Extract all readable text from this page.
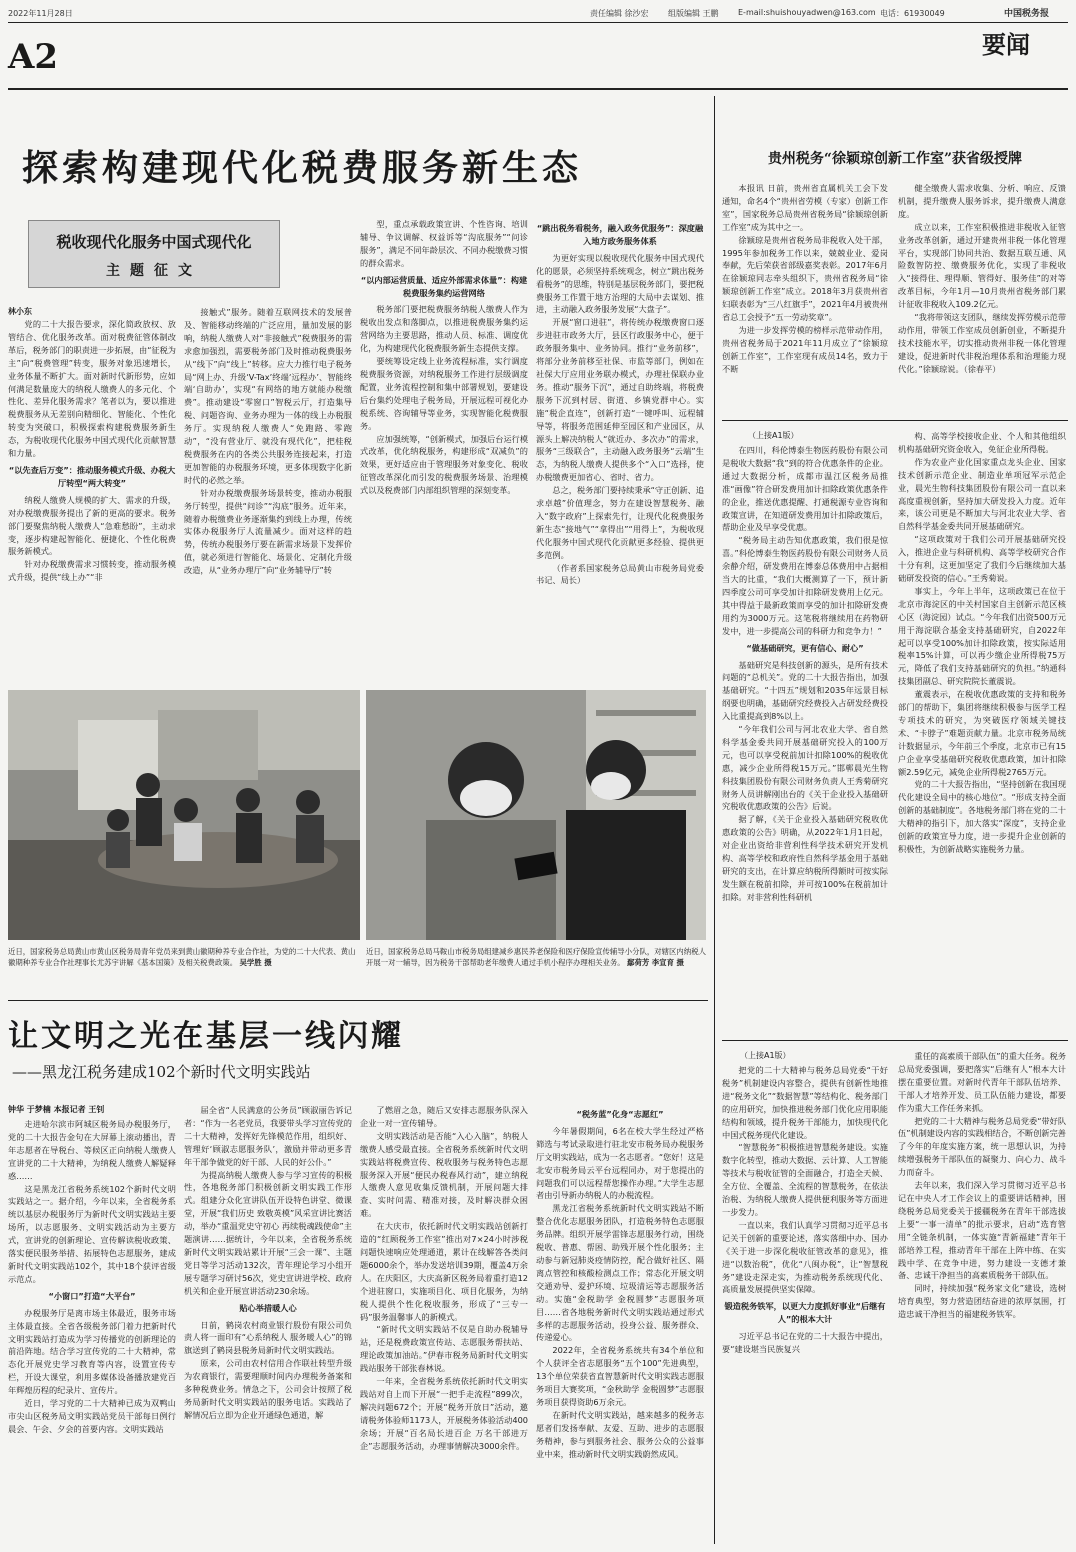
2022年11月28日	责任编辑 徐沙宏 组版编辑 王鹏 E-mail:shuishouyadwen@163.com 电话：61930049	中国税务报
A2	要闻
探索构建现代化税费服务新生态
税收现代化服务中国式现代化
主题征文
林小东

党的二十大报告要求，深化简政放权、放管结合、优化服务改革。面对税费征管体制改革后，税务部门的职责进一步拓展，由“征税为主”向“税费管理”转变，服务对象迅速增长，业务体量不断扩大。面对新时代新形势，应如何满足数量庞大的纳税人缴费人的多元化、个性化、差异化服务需求？笔者以为，要以推进税费服务从无差别向精细化、智能化、个性化转变为突破口，积极探索构建税费服务新生态，为税收现代化服务中国式现代化贡献智慧和力量。

“以先查后万变”：推动服务模式升级、办税大厅转型“两大转变”

纳税人缴费人规模的扩大、需求的升级，对办税缴费服务提出了新的更高的要求。税务部门要聚焦纳税人缴费人“急难愁盼”，主动求变，逐步构建起智能化、便捷化、个性化税费服务新模式。

针对办税缴费需求习惯转变，推动服务模式升级，提供“线上办”“非

接触式”服务。随着互联网技术的发展普及、智能移动终端的广泛应用，量加发展的影响，纳税人缴费人对“非接触式”税费服务的需求愈加强烈，需要税务部门及时推动税费服务从“线下”向“线上”转移。应大力推行电子税务局“网上办、升级‘V-Tax’终端‘远程办’、智能终端‘自助办’，实现“有网络的地方就能办税缴费”。推动建设“零窗口”智税云厅，打造集导税、问题咨询、业务办理为一体的线上办税服务厅。实现纳税人缴费人“免跑路、零跑动”，“没有营业厅、就没有现代化”，把桂税税费服务在内的各类公共服务连接起来，打造更加智能的办税服务环境，更多体现数字化新时代的必然之举。

针对办税缴费服务场景转变，推动办税服务厅转型，提供“问诊”“沟底”服务。近年来，随着办税缴费业务逐渐集约到线上办理，传统实体办税服务厅人流量减少。面对这样的趋势，传统办税服务厅要在新需求场景下发挥价值，就必须进行智能化、场景化、定制化升级改造，从“业务办理厅”向“业务辅导厅”转

型，重点承载政策宣讲、个性咨询、培训辅导、争议调解、权益诉等“沟底服务”“问诊服务”，满足不同年龄层次、不同办税缴费习惯的群众需求。

“以内部运营质量、适应外部需求体量”：构建税费服务集约运营网络

税务部门要把税费服务纳税人缴费人作为税收出发点和落脚点，以推进税费服务集约运营网络为主要思路，推动人员、标准、调度优化，为构建现代化税费服务新生态提供支撑。

要统筹设定线上业务流程标准，实行调度税费服务资源，对纳税服务工作进行层级调度配置，业务流程控制和集中部署规划，要建设后台集约处理电子税务局，开展远程可视化办税系统、咨询辅导等业务，实现智能化税费服务。

应加强统筹，“创新模式，加强后台运行模式改革，优化纳税服务，构建形成“双减负”的效果，更好适应由于管理服务对象变化、税收征管改革深化而引发的税费服务场景、治理模式以及税费部门内部组织管理的深刻变革。

“跳出税务看税务，融入政务优服务”：深度融入地方政务服务体系

为更好实现以税收现代化服务中国式现代化的愿景，必须坚持系统观念，树立“跳出税务看税务”的思维，特别是基层税务部门，要把税费服务工作置于地方治理的大局中去谋划、推进，主动融入政务服务发展“大盘子”。

开展“窗口进驻”，将传统办税缴费窗口逐步进驻市政务大厅，县区行政服务中心，便于政务服务集中、业务协同。推行“业务前移”，将部分业务前移至社保、市监等部门，例如在社保大厅应用业务联办模式，办理社保联办业务。推动“服务下沉”，通过自助终端，将税费服务下沉到村居、街道、乡镇党群中心。实施“税企直连”，创新打造“一键呼叫、远程辅导等，将服务范围延伸至园区和产业园区，从源头上解决纳税人“就近办、多次办”的需求，服务“三级联合”，主动融入政务服务“云端”生态，为纳税人缴费人提供多个“入口”选择，使办税缴费更加省心、省时、省力。

总之，税务部门要持续秉承“守正创新、追求卓越”价值理念，努力在建设智慧税务、融入“数字政府”上探索先行，让现代化税费服务新生态“接地气”“拿得出”“用得上”，为税收现代化服务中国式现代化贡献更多经验、提供更多范例。

（作者系国家税务总局黄山市税务局党委书记、局长）

近日，国家税务总局黄山市黄山区税务局青年党员来到黄山徽期种养专业合作社，为党的二十大代表、黄山徽期种养专业合作社理事长尤苏宇讲解《基本国策》及相关税费政策。 吴学胜 摄
近日，国家税务总局马鞍山市税务局组建减乡惠民养老保险和医疗保险宣传辅导小分队，对辖区内纳税人开展一对一辅导，因为税务干部帮助老年缴费人通过手机小程序办理相关业务。 鄢荷芳 李宣育 摄
让文明之光在基层一线闪耀
——黑龙江税务建成102个新时代文明实践站
钟华 于梦楠 本报记者 王钊

走进哈尔滨市阿城区税务局办税服务厅，党的二十大报告金句在大屏幕上滚动播出，青年志愿者在导税台、等候区正向纳税人缴费人宣讲党的二十大精神，为纳税人缴费人解疑释惑……

这是黑龙江省税务系统102个新时代文明实践站之一。据介绍，今年以来，全省税务系统以基层办税服务厅为新时代文明实践站主要场所，以志愿服务、文明实践活动为主要方式，宣讲党的创新理论、宣传解读税收政策、落实便民服务举措、拓展特色志愿服务，建成新时代文明实践站102个，其中18个获评省级示范点。

“小窗口”打造“大平台”

办税服务厅是离市场主体最近，服务市场主体最直接。全省各级税务部门着力把新时代文明实践站打造成为学习传播党的创新理论的前沿阵地。结合学习宣传党的二十大精神，常态化开展党史学习教育等内容，设置宣传专栏，开设大课堂，利用多媒体设备播放建党百年辉煌历程的纪录片、宣传片。

近日，学习党的二十大精神已成为双鸭山市尖山区税务局文明实践站党员干部每日例行晨会、午会、夕会的首要内容。文明实践站

届全省“人民满意的公务员”顾淑丽告诉记者：“作为一名老党员，我要带头学习宣传党的二十大精神，发挥好先锋模范作用，组织好、管理好‘顾淑志愿服务队’，激励并带动更多青年干部争做党的好干部、人民的好公仆。”

为提高纳税人缴费人参与学习宣传的积极性，各地税务部门积极创新文明实践工作形式。组建分众化宣讲队伍开设特色讲堂、微课堂，开展“我们历史 致敬英模”风采宣讲比赛活动，举办“重温党史守初心 再续税魂践使命”主题演讲……据统计，今年以来，全省税务系统新时代文明实践站累计开展“三会一课”、主题党日等学习活动132次，青年理论学习小组开展专题学习研讨56次，党史宣讲进学校、政府机关和企业开展宣讲活动230余场。

贴心举措暖人心

日前，鹤岗农村商业银行股份有限公司负责人将一面印有“心系纳税人 服务暖人心”的锦旗送到了鹤岗县税务局新时代文明实践站。

原来，公司由农村信用合作联社转型升级为农商银行，需要理顺时间内办理税务备案和多种税费业务。情急之下，公司会计按照了税务局新时代文明实践站的服务电话。实践站了解情况后立即为企业开通绿色通道，解

了燃眉之急，随后又安排志愿服务队深入企业一对一宣传辅导。

文明实践活动是否能“入心入脑”，纳税人缴费人感受最直接。全省税务系统新时代文明实践站将税费宣传、税收服务与税务特色志愿服务深入开展“便民办税春风行动”，建立纳税人缴费人意见收集反馈机制，开展问题大排查、实时问需、精准对接，及时解决群众困难。

在大庆市，依托新时代文明实践站创新打造的“红顾税务工作室”推出对7×24小时涉税问题快速响应处理通道，累计在线解答各类问题6000余个，举办发送培训39期，覆盖4万余人。在庆阳区，大庆高新区税务局着重打造12个进驻窗口，实施项目化、项目化服务，为纳税人提供个性化税收服务，形成了“三专一码”服务温馨事人的新模式。

“新时代文明实践站不仅是自助办税辅导站，还是税费政策宣传站、志愿服务帮扶站、理论政策加油站。”伊春市税务局新时代文明实践站服务干部张春林说。

一年来，全省税务系统依托新时代文明实践站对自上而下开展“一把手走流程”899次，解决问题672个；开展“税务开放日”活动，邀请税务体验师1173人，开展税务体验活动400余场；开展“百名局长进百企 万名干部进万企”志愿服务活动，办理事情解决3000余件。

“税务蓝”化身“志愿红”

今年暑假期间，6名在校大学生经过严格筛选与考试录取进行驻北安市税务局办税服务厅文明实践站，成为一名志愿者。“您好！这是北安市税务局云平台远程同办，对于您提出的问题我们可以远程帮您操作办理。”大学生志愿者由引导新办纳税人的办税流程。

黑龙江省税务系统新时代文明实践站不断整合优化志愿服务团队，打造税务特色志愿服务品牌。组织开展学雷锋志愿服务行动，围绕税收、普惠、帮困、助残开展个性化服务；主动参与新冠肺炎疫情防控，配合做好社区、隔离点管控和核酸检测点工作；常态化开展文明交通劝导、爱护环境、垃圾清运等志愿服务活动。实施“金税助学 金税圆梦”志愿服务项目……省各地税务新时代文明实践站通过形式多样的志愿服务活动，投身公益、服务群众、传递爱心。

2022年，全省税务系统共有34个单位和个人获评全省志愿服务“五个100”先进典型，13个单位荣获省直智慧新时代文明实践志愿服务项目大赛奖项，“金秋助学 金税圆梦”志愿服务项目获得资助6万余元。

在新时代文明实践站，越来越多的税务志愿者们发扬奉献、友爱、互助、进步的志愿服务精神，参与到服务社会、服务公众的公益事业中来，推动新时代文明实践蔚然成风。

贵州税务“徐颖琼创新工作室”获省级授牌

本报讯 日前，贵州省直属机关工会下发通知，命名4个“贵州省劳模（专家）创新工作室”，国家税务总局贵州省税务局“徐颖琼创新工作室”成为其中之一。

徐颖琼是贵州省税务局非税收入处干部，1995年参加税务工作以来，兢兢业业、爱岗奉献，先后荣获省部级嘉奖表彰。2017年6月在徐颖琼同志牵头组织下，贵州省税务局“徐颖琼创新工作室”成立。2018年3月获贵州省妇联表彰为“三八红旗手”，2021年4月被贵州省总工会授予“五一劳动奖章”。

为进一步发挥劳模的榜样示范带动作用，贵州省税务局于2021年11月成立了“徐颖琼创新工作室”，工作室现有成员14名，致力于不断

健全缴费人需求收集、分析、响应、反馈机制，提升缴费人服务诉求，提升缴费人满意度。

成立以来，工作室积极推进非税收入征管业务改革创新，通过开建贵州非税一体化管理平台，实现部门协同共治、数据互联互通、风险数智防控、缴费服务优化，实现了非税收入“接得住、理得顺、管得好、服务佳”的对等改革目标，今年1月—10月贵州省税务部门累计征收非税收入109.2亿元。

“我将带领这支团队，继续发挥劳模示范带动作用，带领工作室成员创新创业，不断提升技术技能水平，切实推动贵州非税一体化管理建设，促进新时代非税治理体系和治理能力现代化。”徐颖琼说。（徐春平）

（上接A1版）

在四川，科伦博泰生物医药股份有限公司是税收大数据“我”到的符合优惠条件的企业。通过大数据分析，成都市温江区税务局推准“画像”符合研发费用加计扣除政策优惠条件的企业，推送优惠提醒、打通税源专业咨询和政策宣讲，在知道研发费用加计扣除政策后，帮助企业及早享受优惠。

“税务局主动告知优惠政策，我们很是惊喜。”科伦博泰生物医药股份有限公司财务人员余静介绍，研发费用在博泰总体费用中占据相当大的比重，“我们大概测算了一下，预计新四季度公司可享受加计扣除研发费用上亿元。其中得益于最新政策而享受的加计扣除研发费用约为3000万元。这笔税将继续用在药物研发中，进一步提高公司的科研力和竞争力！”

“做基础研究，更有信心、耐心”

基础研究是科技创新的源头，是所有技术问题的“总机关”。党的二十大报告指出，加强基础研究。“十四五”规划和2035年远景目标纲要也明确，基础研究经费投入占研发经费投入比重提高到8%以上。

“今年我们公司与河北农业大学、省自然科学基金委共同开展基础研究投入的100万元，也可以享受税前加计扣除100%的税收优惠，减少企业所得税15万元。”邯郸晨光生物科技集团股份有限公司财务负责人王秀菊研究财务人员讲解刚出台的《关于企业投入基础研究税收优惠政策的公告》后说。

据了解，《关于企业投入基础研究税收优惠政策的公告》明确，从2022年1月1日起，对企业出资给非营利性科学技术研究开发机构、高等学校和政府性自然科学基金用于基础研究的支出，在计算应纳税所得额时可按实际发生额在税前扣除，并可按100%在税前加计扣除。对非营利性科研机

构、高等学校接收企业、个人和其他组织机构基础研究资金收入，免征企业所得税。

作为农业产业化国家重点龙头企业、国家技术创新示范企业、制造业单项冠军示范企业，晨光生物科技集团股份有限公司一直以来高度重视创新，坚持加大研发投入力度。近年来，该公司更是不断加大与河北农业大学、省自然科学基金委共同开展基础研究。

“这项政策对于我们公司开展基础研究投入，推进企业与科研机构、高等学校研究合作十分有利，这更加坚定了我们今后继续加大基础研发投资的信心。”王秀菊说。

事实上，今年上半年，这项政策已在位于北京市海淀区的中关村国家自主创新示范区核心区（海淀园）试点。“今年我们出资500万元用于海淀联合基金支持基础研究，自2022年起可以享受100%加计扣除政策，按实际适用税率15%计算，可以再少缴企业所得税75万元，降低了我们支持基础研究的负担。”纳通科技集团副总、研究院院长董震说。

董震表示，在税收优惠政策的支持和税务部门的帮助下，集团将继续积极参与医学工程专项技术的研究，为突破医疗领域关键技术、“卡脖子”难题贡献力量。北京市税务局统计数据显示，今年前三个季度，北京市已有15户企业享受基础研究税收优惠政策，加计扣除额2.59亿元，减免企业所得税2765万元。

党的二十大报告指出，“坚持创新在我国现代化建设全局中的核心地位”。“形成支持全面创新的基础制度”。各地税务部门将在党的二十大精神的指引下，加大落实“深度”，支持企业创新的政策宣导力度，进一步提升企业创新的积极性，为创新战略实施税务力量。

（上接A1版）

把党的二十大精神与税务总局党委“干好税务”机制建设内容整合，提供有创新性地推进“税务文化”“数据智慧”等结构化、税务部门的应用研究，加快推进税务部门优化应用职能结构和领域，提升税务干部能力，加快现代化中国式税务现代化建设。

“智慧税务”积极推进智慧税务建设。实施数字化转型，推动大数据、云计算、人工智能等技术与税收征管的全面融合，打造全天候、全方位、全覆盖、全流程的智慧税务，在依法治税、为纳税人缴费人提供便利服务等方面进一步发力。

一直以来，我们认真学习贯彻习近平总书记关于创新的重要论述，落实落细中办、国办《关于进一步深化税收征管改革的意见》，推进“以数治税”，优化“八闽办税”，让“智慧税务”建设走深走实，为推动税务系统现代化、高质量发展提供坚实保障。

锻造税务铁军，以更大力度抓好事业“后继有人”的根本大计

习近平总书记在党的二十大报告中提出，要“建设堪当民族复兴

重任的高素质干部队伍”的重大任务。税务总局党委强调，要把落实“后继有人”根本大计摆在重要位置。对新时代青年干部队伍培养、干部人才培养开发、员工队伍能力建设，都要作为重大工作任务来抓。

把党的二十大精神与税务总局党委“带好队伍”机制建设内容的实践相结合，不断创新完善了今年的年度实施方案，统一思想认识，为持续增强税务干部队伍的凝聚力、向心力、战斗力而奋斗。

去年以来，我们深入学习贯彻习近平总书记在中央人才工作会议上的重要讲话精神，围绕税务总局党委关于援疆税务在青年干部选拔上要“一事一清单”的批示要求，启动“选育管用”全链条机制，一体实施“青新福建”青年干部培养工程，推动青年干部在上阵中练、在实践中学、在竞争中进，努力建设一支德才兼备、忠诚干净担当的高素质税务干部队伍。

同时，持续加强“税务家文化”建设，选树培育典型，努力营造团结奋进的浓厚氛围，打造忠诚干净担当的福建税务铁军。
